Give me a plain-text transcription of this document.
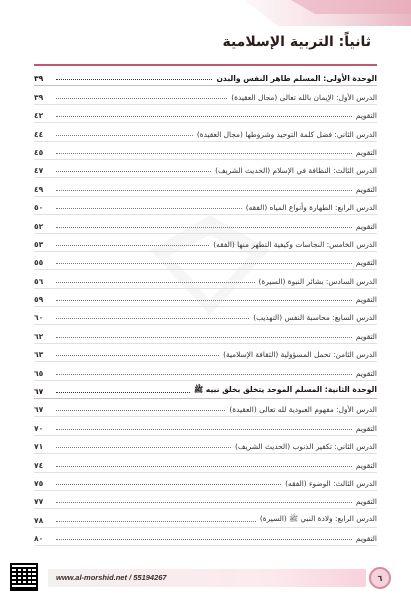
ثانياً: التربية الإسلامية
الوحدة الأولى: المسلم طاهر النفس والبدن
٣٩
الدرس الأول: الإيمان بالله تعالى (مجال العقيدة)
٣٩
التقويم
٤٢
الدرس الثاني: فضل كلمة التوحيد وشروطها (مجال العقيدة)
٤٤
التقويم
٤٥
الدرس الثالث: النظافة في الإسلام (الحديث الشريف)
٤٧
التقويم
٤٩
الدرس الرابع: الطهارة وأنواع المياه (الفقه)
٥٠
التقويم
٥٢
الدرس الخامس: النجاسات وكيفية التطهر منها (الفقه)
٥٣
التقويم
٥٥
الدرس السادس: بشائر النبوة (السيرة)
٥٦
التقويم
٥٩
الدرس السابع: محاسبة النفس (التهذيب)
٦٠
التقويم
٦٢
الدرس الثامن: تحمل المسؤولية (الثقافة الإسلامية)
٦٣
التقويم
٦٥
الوحدة الثانية: المسلم الموحد يتخلق بخلق نبيه ﷺ
٦٧
الدرس الأول: مفهوم العبودية لله تعالى (العقيدة)
٦٧
التقويم
٧٠
الدرس الثاني: تكفير الذنوب (الحديث الشريف)
٧١
التقويم
٧٤
الدرس الثالث: الوضوء (الفقه)
٧٥
التقويم
٧٧
الدرس الرابع: ولادة النبي ﷺ (السيرة)
٧٨
التقويم
٨٠
www.al-morshid.net / 55194267	٦
